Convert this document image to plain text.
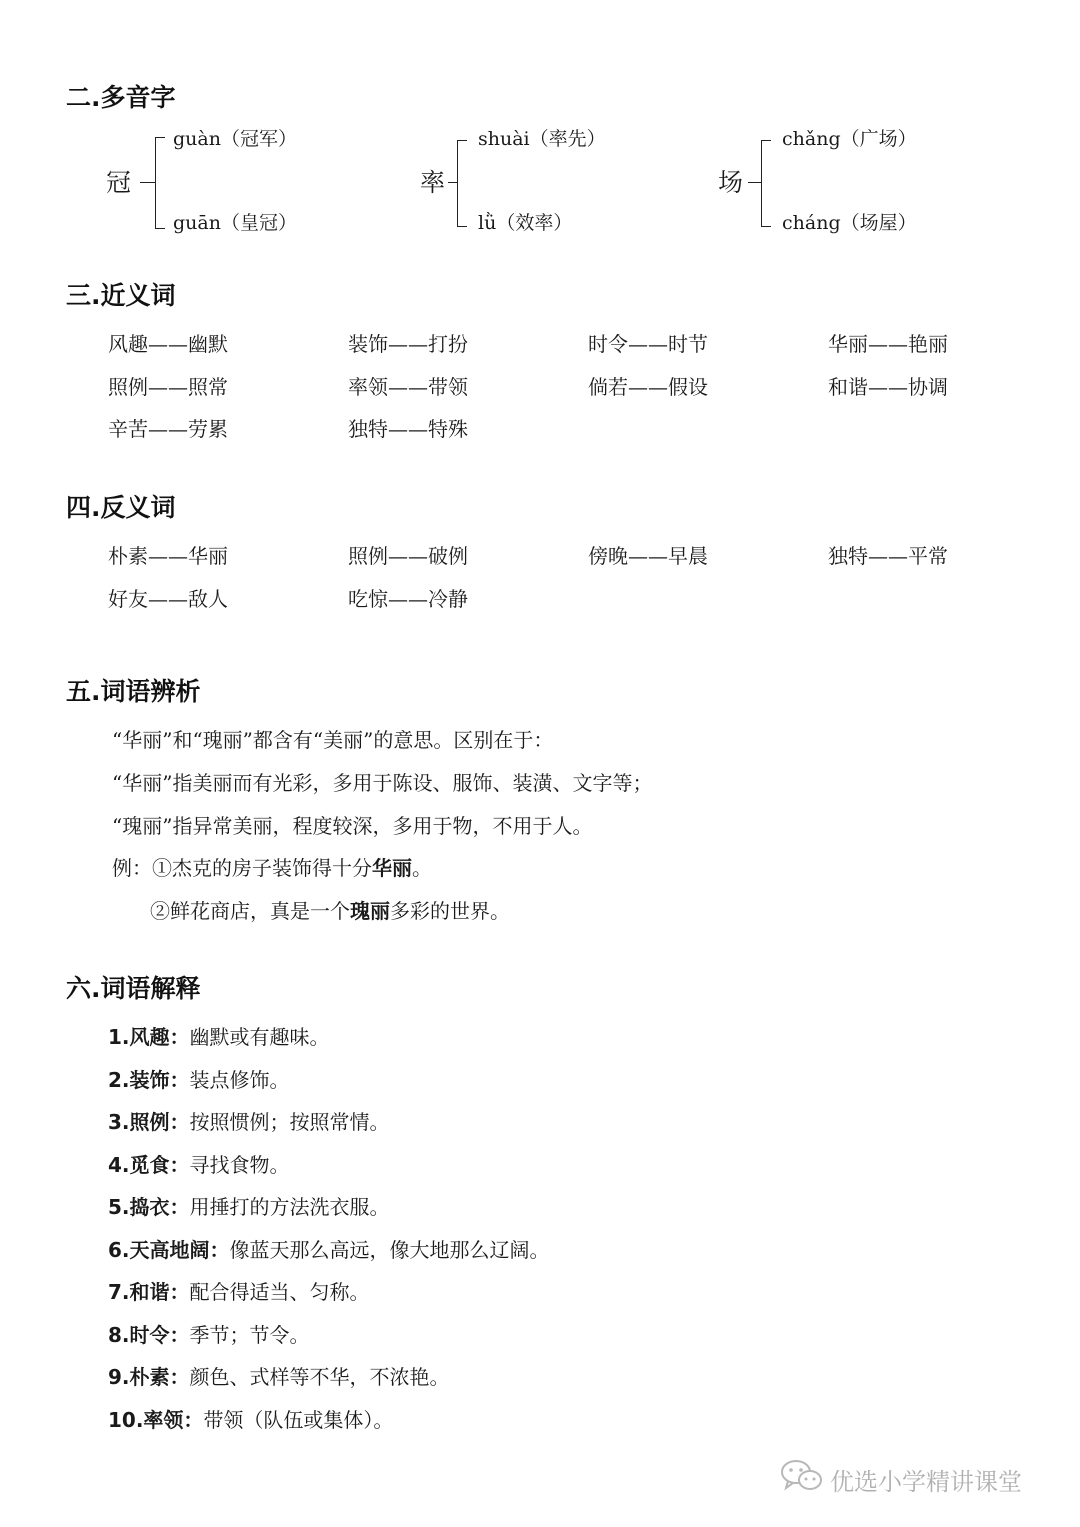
二.多音字
冠
guàn（冠军）
guān（皇冠）
率
shuài（率先）
lǜ（效率）
场
chǎng（广场）
cháng（场屋）
三.近义词
风趣——幽默	装饰——打扮	时令——时节	华丽——艳丽
照例——照常	率领——带领	倘若——假设	和谐——协调
辛苦——劳累	独特——特殊
四.反义词
朴素——华丽	照例——破例	傍晚——早晨	独特——平常
好友——敌人	吃惊——冷静
五.词语辨析
“华丽”和“瑰丽”都含有“美丽”的意思。区别在于：
“华丽”指美丽而有光彩，多用于陈设、服饰、装潢、文字等；
“瑰丽”指异常美丽，程度较深，多用于物，不用于人。
例：①杰克的房子装饰得十分华丽。
②鲜花商店，真是一个瑰丽多彩的世界。
六.词语解释
1.风趣：幽默或有趣味。
2.装饰：装点修饰。
3.照例：按照惯例；按照常情。
4.觅食：寻找食物。
5.捣衣：用捶打的方法洗衣服。
6.天高地阔：像蓝天那么高远，像大地那么辽阔。
7.和谐：配合得适当、匀称。
8.时令：季节；节令。
9.朴素：颜色、式样等不华，不浓艳。
10.率领：带领（队伍或集体）。
优选小学精讲课堂
